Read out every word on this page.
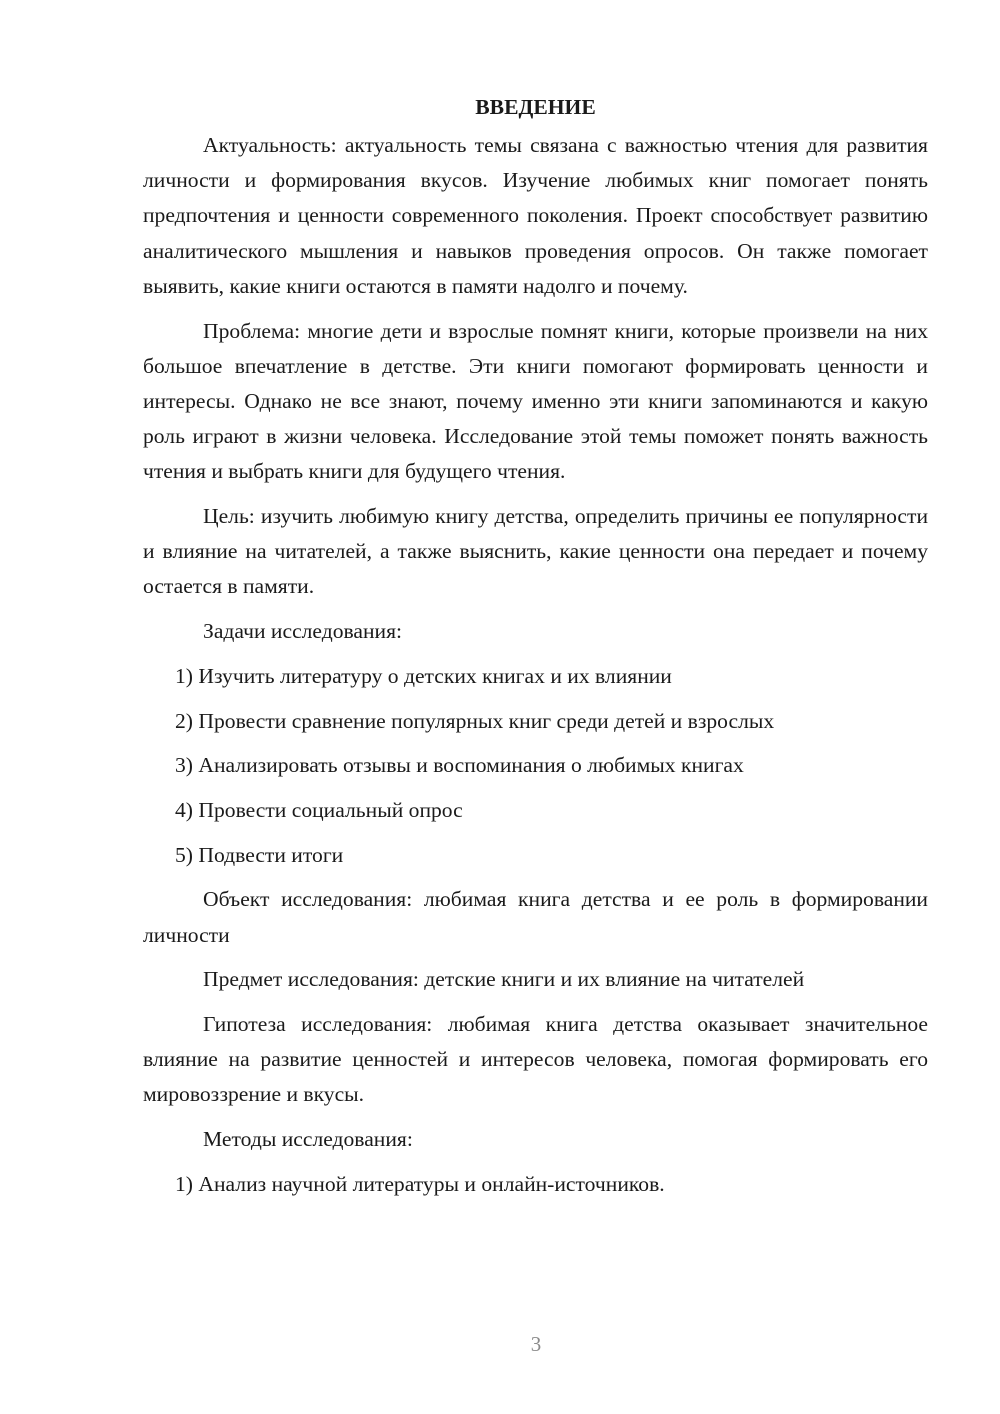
ВВЕДЕНИЕ

Актуальность: актуальность темы связана с важностью чтения для развития личности и формирования вкусов. Изучение любимых книг помогает понять предпочтения и ценности современного поколения. Проект способствует развитию аналитического мышления и навыков проведения опросов. Он также помогает выявить, какие книги остаются в памяти надолго и почему.

Проблема: многие дети и взрослые помнят книги, которые произвели на них большое впечатление в детстве. Эти книги помогают формировать ценности и интересы. Однако не все знают, почему именно эти книги запоминаются и какую роль играют в жизни человека. Исследование этой темы поможет понять важность чтения и выбрать книги для будущего чтения.

Цель: изучить любимую книгу детства, определить причины ее популярности и влияние на читателей, а также выяснить, какие ценности она передает и почему остается в памяти.

Задачи исследования:

1) Изучить литературу о детских книгах и их влиянии

2) Провести сравнение популярных книг среди детей и взрослых

3) Анализировать отзывы и воспоминания о любимых книгах

4) Провести социальный опрос

5) Подвести итоги

Объект исследования: любимая книга детства и ее роль в формировании личности

Предмет исследования: детские книги и их влияние на читателей

Гипотеза исследования: любимая книга детства оказывает значительное влияние на развитие ценностей и интересов человека, помогая формировать его мировоззрение и вкусы.

Методы исследования:

1) Анализ научной литературы и онлайн-источников.

3
